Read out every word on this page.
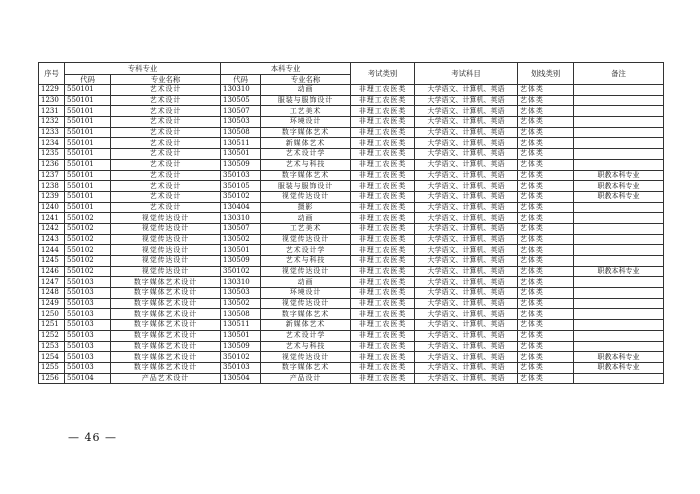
序号	专科专业		本科专业		考试类别	考试科目	划线类别	备注
	代码	专业名称	代码	专业名称				
1229	550101	艺术设计	130310	动画	非理工农医类	大学语文、计算机、英语	艺体类	
1230	550101	艺术设计	130505	服装与服饰设计	非理工农医类	大学语文、计算机、英语	艺体类	
1231	550101	艺术设计	130507	工艺美术	非理工农医类	大学语文、计算机、英语	艺体类	
1232	550101	艺术设计	130503	环境设计	非理工农医类	大学语文、计算机、英语	艺体类	
1233	550101	艺术设计	130508	数字媒体艺术	非理工农医类	大学语文、计算机、英语	艺体类	
1234	550101	艺术设计	130511	新媒体艺术	非理工农医类	大学语文、计算机、英语	艺体类	
1235	550101	艺术设计	130501	艺术设计学	非理工农医类	大学语文、计算机、英语	艺体类	
1236	550101	艺术设计	130509	艺术与科技	非理工农医类	大学语文、计算机、英语	艺体类	
1237	550101	艺术设计	350103	数字媒体艺术	非理工农医类	大学语文、计算机、英语	艺体类	职教本科专业
1238	550101	艺术设计	350105	服装与服饰设计	非理工农医类	大学语文、计算机、英语	艺体类	职教本科专业
1239	550101	艺术设计	350102	视觉传达设计	非理工农医类	大学语文、计算机、英语	艺体类	职教本科专业
1240	550101	艺术设计	130404	摄影	非理工农医类	大学语文、计算机、英语	艺体类	
1241	550102	视觉传达设计	130310	动画	非理工农医类	大学语文、计算机、英语	艺体类	
1242	550102	视觉传达设计	130507	工艺美术	非理工农医类	大学语文、计算机、英语	艺体类	
1243	550102	视觉传达设计	130502	视觉传达设计	非理工农医类	大学语文、计算机、英语	艺体类	
1244	550102	视觉传达设计	130501	艺术设计学	非理工农医类	大学语文、计算机、英语	艺体类	
1245	550102	视觉传达设计	130509	艺术与科技	非理工农医类	大学语文、计算机、英语	艺体类	
1246	550102	视觉传达设计	350102	视觉传达设计	非理工农医类	大学语文、计算机、英语	艺体类	职教本科专业
1247	550103	数字媒体艺术设计	130310	动画	非理工农医类	大学语文、计算机、英语	艺体类	
1248	550103	数字媒体艺术设计	130503	环境设计	非理工农医类	大学语文、计算机、英语	艺体类	
1249	550103	数字媒体艺术设计	130502	视觉传达设计	非理工农医类	大学语文、计算机、英语	艺体类	
1250	550103	数字媒体艺术设计	130508	数字媒体艺术	非理工农医类	大学语文、计算机、英语	艺体类	
1251	550103	数字媒体艺术设计	130511	新媒体艺术	非理工农医类	大学语文、计算机、英语	艺体类	
1252	550103	数字媒体艺术设计	130501	艺术设计学	非理工农医类	大学语文、计算机、英语	艺体类	
1253	550103	数字媒体艺术设计	130509	艺术与科技	非理工农医类	大学语文、计算机、英语	艺体类	
1254	550103	数字媒体艺术设计	350102	视觉传达设计	非理工农医类	大学语文、计算机、英语	艺体类	职教本科专业
1255	550103	数字媒体艺术设计	350103	数字媒体艺术	非理工农医类	大学语文、计算机、英语	艺体类	职教本科专业
1256	550104	产品艺术设计	130504	产品设计	非理工农医类	大学语文、计算机、英语	艺体类	
— 46 —
